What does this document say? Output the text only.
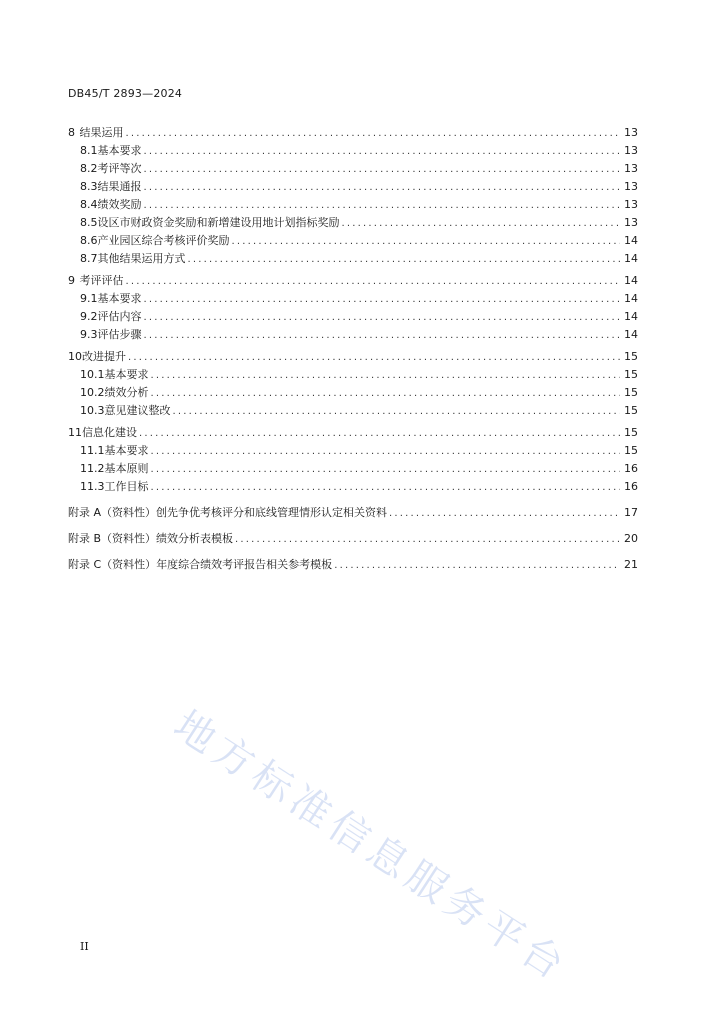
DB45/T 2893—2024
8 结果运用 .....	13
8.1 基本要求 .....	13
8.2 考评等次 .....	13
8.3 结果通报 .....	13
8.4 绩效奖励 .....	13
8.5 设区市财政资金奖励和新增建设用地计划指标奖励 .....	13
8.6 产业园区综合考核评价奖励 .....	14
8.7 其他结果运用方式 .....	14
9 考评评估 .....	14
9.1 基本要求 .....	14
9.2 评估内容 .....	14
9.3 评估步骤 .....	14
10 改进提升 .....	15
10.1 基本要求 .....	15
10.2 绩效分析 .....	15
10.3 意见建议整改 .....	15
11 信息化建设 .....	15
11.1 基本要求 .....	15
11.2 基本原则 .....	16
11.3 工作目标 .....	16
附录 A（资料性） 创先争优考核评分和底线管理情形认定相关资料 .....	17
附录 B（资料性） 绩效分析表模板 .....	20
附录 C（资料性） 年度综合绩效考评报告相关参考模板 .....	21
地方标准信息服务平台
II
